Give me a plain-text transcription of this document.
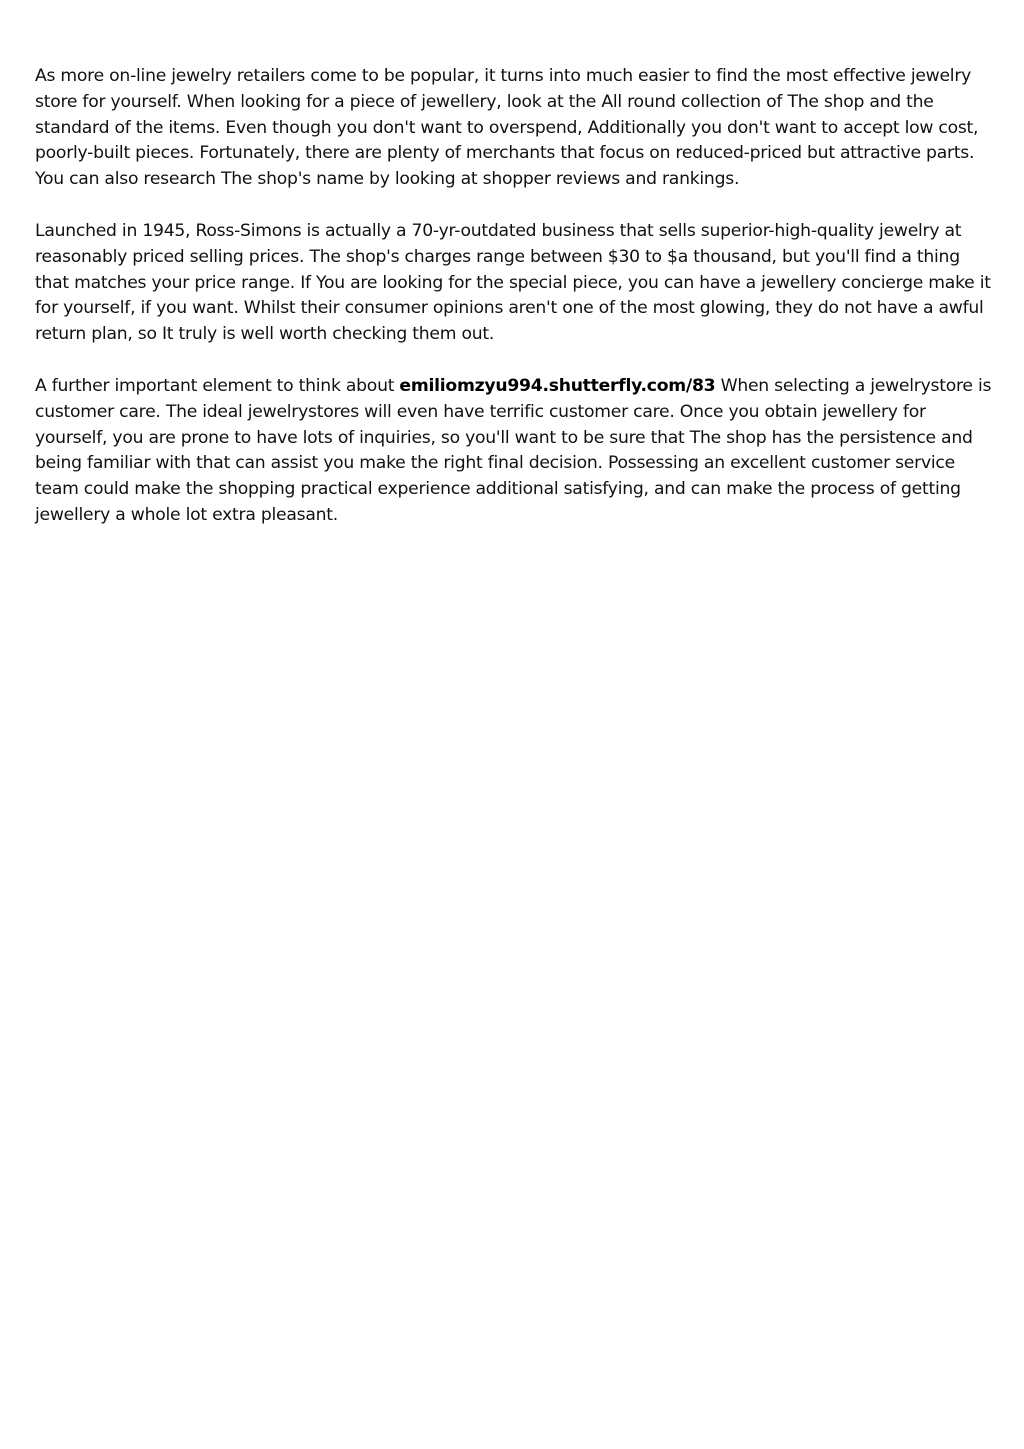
As more on-line jewelry retailers come to be popular, it turns into much easier to find the most effective jewelry store for yourself. When looking for a piece of jewellery, look at the All round collection of The shop and the standard of the items. Even though you don't want to overspend, Additionally you don't want to accept low cost, poorly-built pieces. Fortunately, there are plenty of merchants that focus on reduced-priced but attractive parts. You can also research The shop's name by looking at shopper reviews and rankings.

Launched in 1945, Ross-Simons is actually a 70-yr-outdated business that sells superior-high-quality jewelry at reasonably priced selling prices. The shop's charges range between $30 to $a thousand, but you'll find a thing that matches your price range. If You are looking for the special piece, you can have a jewellery concierge make it for yourself, if you want. Whilst their consumer opinions aren't one of the most glowing, they do not have a awful return plan, so It truly is well worth checking them out.

A further important element to think about emiliomzyu994.shutterfly.com/83 When selecting a jewelrystore is customer care. The ideal jewelrystores will even have terrific customer care. Once you obtain jewellery for yourself, you are prone to have lots of inquiries, so you'll want to be sure that The shop has the persistence and being familiar with that can assist you make the right final decision. Possessing an excellent customer service team could make the shopping practical experience additional satisfying, and can make the process of getting jewellery a whole lot extra pleasant.
